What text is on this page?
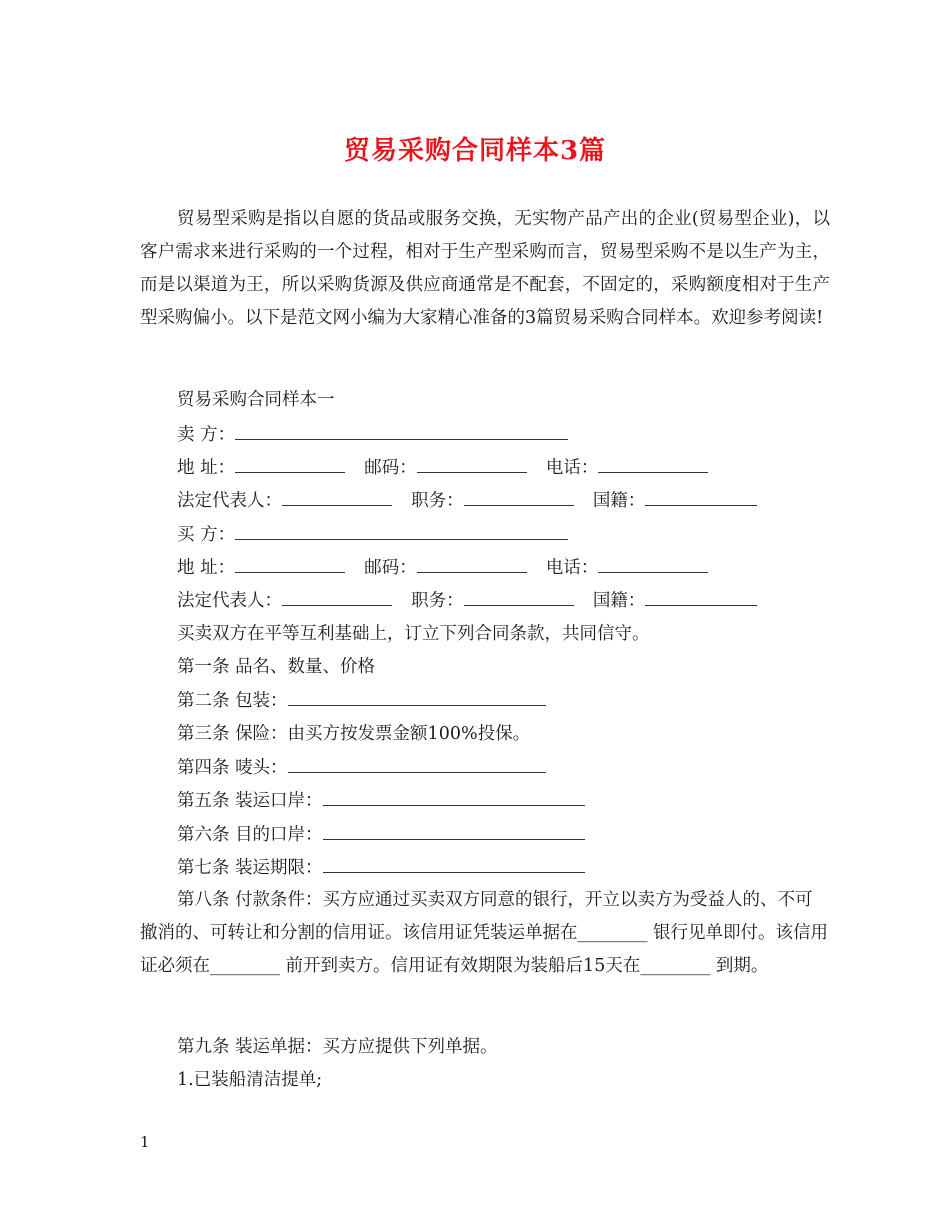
贸易采购合同样本3篇

贸易型采购是指以自愿的货品或服务交换，无实物产品产出的企业(贸易型企业)，以客户需求来进行采购的一个过程，相对于生产型采购而言，贸易型采购不是以生产为主，而是以渠道为王，所以采购货源及供应商通常是不配套，不固定的，采购额度相对于生产型采购偏小。以下是范文网小编为大家精心准备的3篇贸易采购合同样本。欢迎参考阅读!

贸易采购合同样本一
卖 方：
地 址：	邮码：	电话：
法定代表人：	职务：	国籍：
买 方：
地 址：	邮码：	电话：
法定代表人：	职务：	国籍：
买卖双方在平等互利基础上，订立下列合同条款，共同信守。
第一条 品名、数量、价格
第二条 包装：
第三条 保险：由买方按发票金额100%投保。
第四条 唛头：
第五条 装运口岸：
第六条 目的口岸：
第七条 装运期限：

第八条 付款条件：买方应通过买卖双方同意的银行，开立以卖方为受益人的、不可撤消的、可转让和分割的信用证。该信用证凭装运单据在________ 银行见单即付。该信用证必须在________ 前开到卖方。信用证有效期限为装船后15天在________ 到期。

第九条 装运单据：买方应提供下列单据。
1.已装船清洁提单;
1
